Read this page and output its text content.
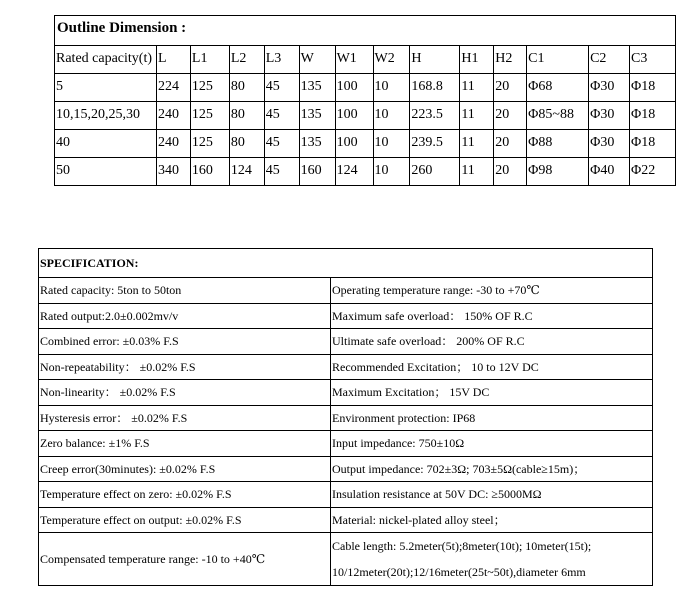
Outline Dimension :													
Rated capacity(t)	L	L1	L2	L3	W	W1	W2	H	H1	H2	C1	C2	C3
5	224	125	80	45	135	100	10	168.8	11	20	Φ68	Φ30	Φ18
10,15,20,25,30	240	125	80	45	135	100	10	223.5	11	20	Φ85~88	Φ30	Φ18
40	240	125	80	45	135	100	10	239.5	11	20	Φ88	Φ30	Φ18
50	340	160	124	45	160	124	10	260	11	20	Φ98	Φ40	Φ22
SPECIFICATION:	
Rated capacity: 5ton to 50ton	Operating temperature range: -30 to +70℃
Rated output:2.0±0.002mv/v	Maximum safe overload： 150% OF R.C
Combined error: ±0.03% F.S	Ultimate safe overload： 200% OF R.C
Non-repeatability： ±0.02% F.S	Recommended Excitation； 10 to 12V DC
Non-linearity： ±0.02% F.S	Maximum Excitation； 15V DC
Hysteresis error： ±0.02% F.S	Environment protection: IP68
Zero balance: ±1% F.S	Input impedance: 750±10Ω
Creep error(30minutes): ±0.02% F.S	Output impedance: 702±3Ω; 703±5Ω(cable≥15m)；
Temperature effect on zero: ±0.02% F.S	Insulation resistance at 50V DC: ≥5000MΩ
Temperature effect on output: ±0.02% F.S	Material: nickel-plated alloy steel；
Compensated temperature range: -10 to +40℃	Cable length: 5.2meter(5t);8meter(10t); 10meter(15t);
10/12meter(20t);12/16meter(25t~50t),diameter 6mm
